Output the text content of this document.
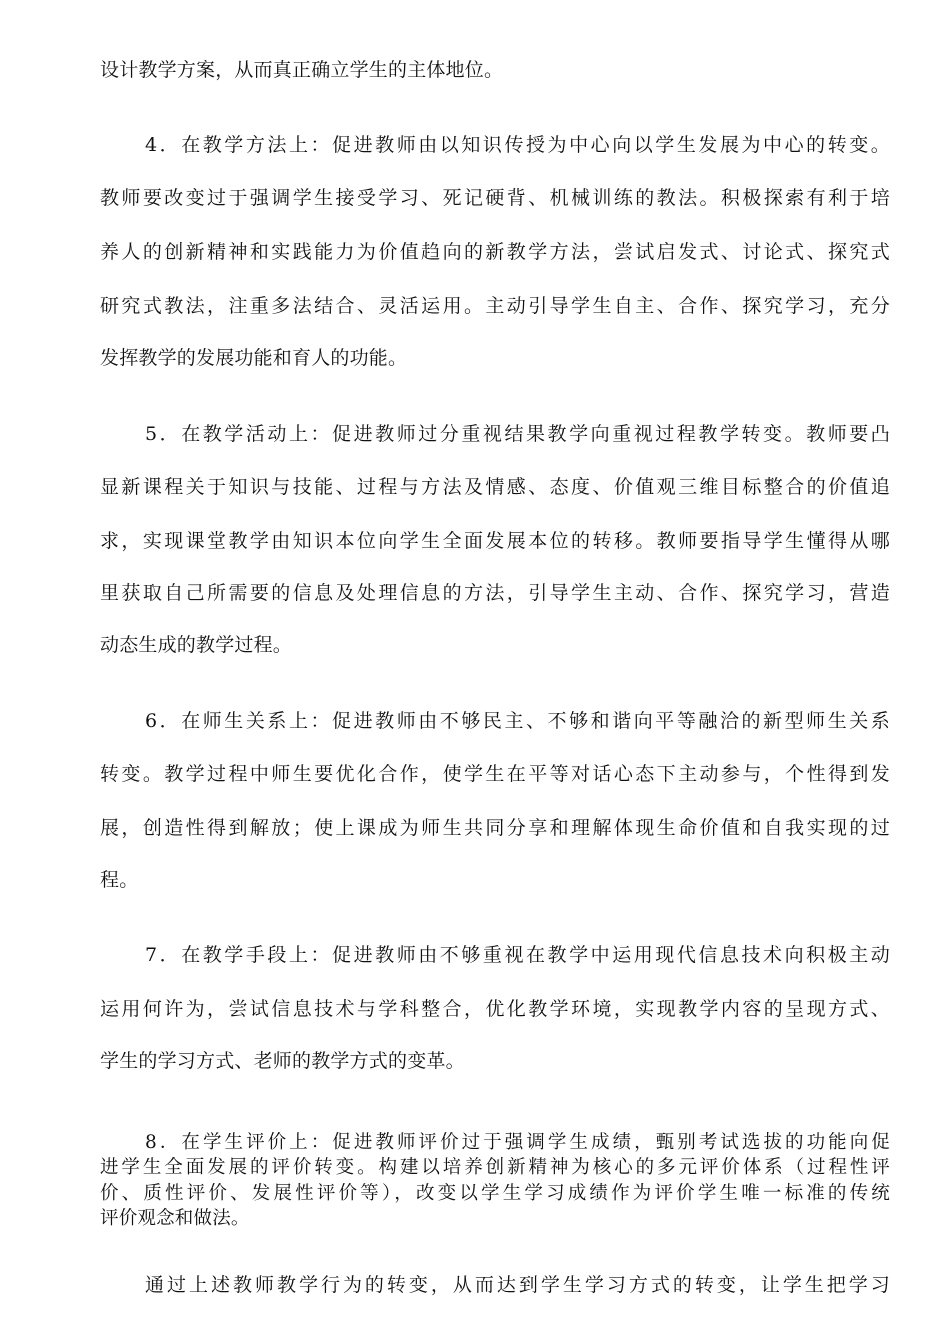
设计教学方案，从而真正确立学生的主体地位。
4．在教学方法上：促进教师由以知识传授为中心向以学生发展为中心的转变。
教师要改变过于强调学生接受学习、死记硬背、机械训练的教法。积极探索有利于培
养人的创新精神和实践能力为价值趋向的新教学方法，尝试启发式、讨论式、探究式
研究式教法，注重多法结合、灵活运用。主动引导学生自主、合作、探究学习，充分
发挥教学的发展功能和育人的功能。
5．在教学活动上：促进教师过分重视结果教学向重视过程教学转变。教师要凸
显新课程关于知识与技能、过程与方法及情感、态度、价值观三维目标整合的价值追
求，实现课堂教学由知识本位向学生全面发展本位的转移。教师要指导学生懂得从哪
里获取自己所需要的信息及处理信息的方法，引导学生主动、合作、探究学习，营造
动态生成的教学过程。
6．在师生关系上：促进教师由不够民主、不够和谐向平等融洽的新型师生关系
转变。教学过程中师生要优化合作，使学生在平等对话心态下主动参与，个性得到发
展，创造性得到解放；使上课成为师生共同分享和理解体现生命价值和自我实现的过
程。
7．在教学手段上：促进教师由不够重视在教学中运用现代信息技术向积极主动
运用何许为，尝试信息技术与学科整合，优化教学环境，实现教学内容的呈现方式、
学生的学习方式、老师的教学方式的变革。
8．在学生评价上：促进教师评价过于强调学生成绩，甄别考试选拔的功能向促
进学生全面发展的评价转变。构建以培养创新精神为核心的多元评价体系（过程性评
价、质性评价、发展性评价等），改变以学生学习成绩作为评价学生唯一标准的传统
评价观念和做法。
通过上述教师教学行为的转变，从而达到学生学习方式的转变，让学生把学习
